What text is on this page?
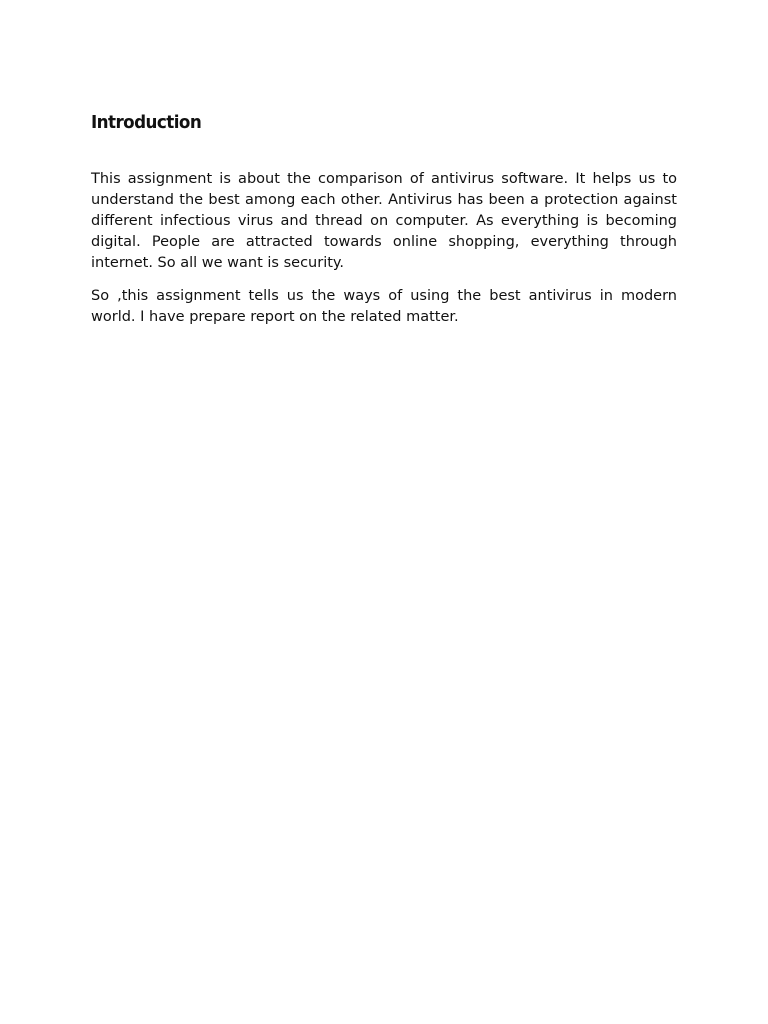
Introduction

This assignment is about the comparison of antivirus software. It helps us to understand the best among each other. Antivirus has been a protection against different infectious virus and thread on computer. As everything is becoming digital. People are attracted towards online shopping, everything through internet. So all we want is security.

So ,this assignment tells us the ways of using the best antivirus in modern world. I have prepare report on the related matter.
